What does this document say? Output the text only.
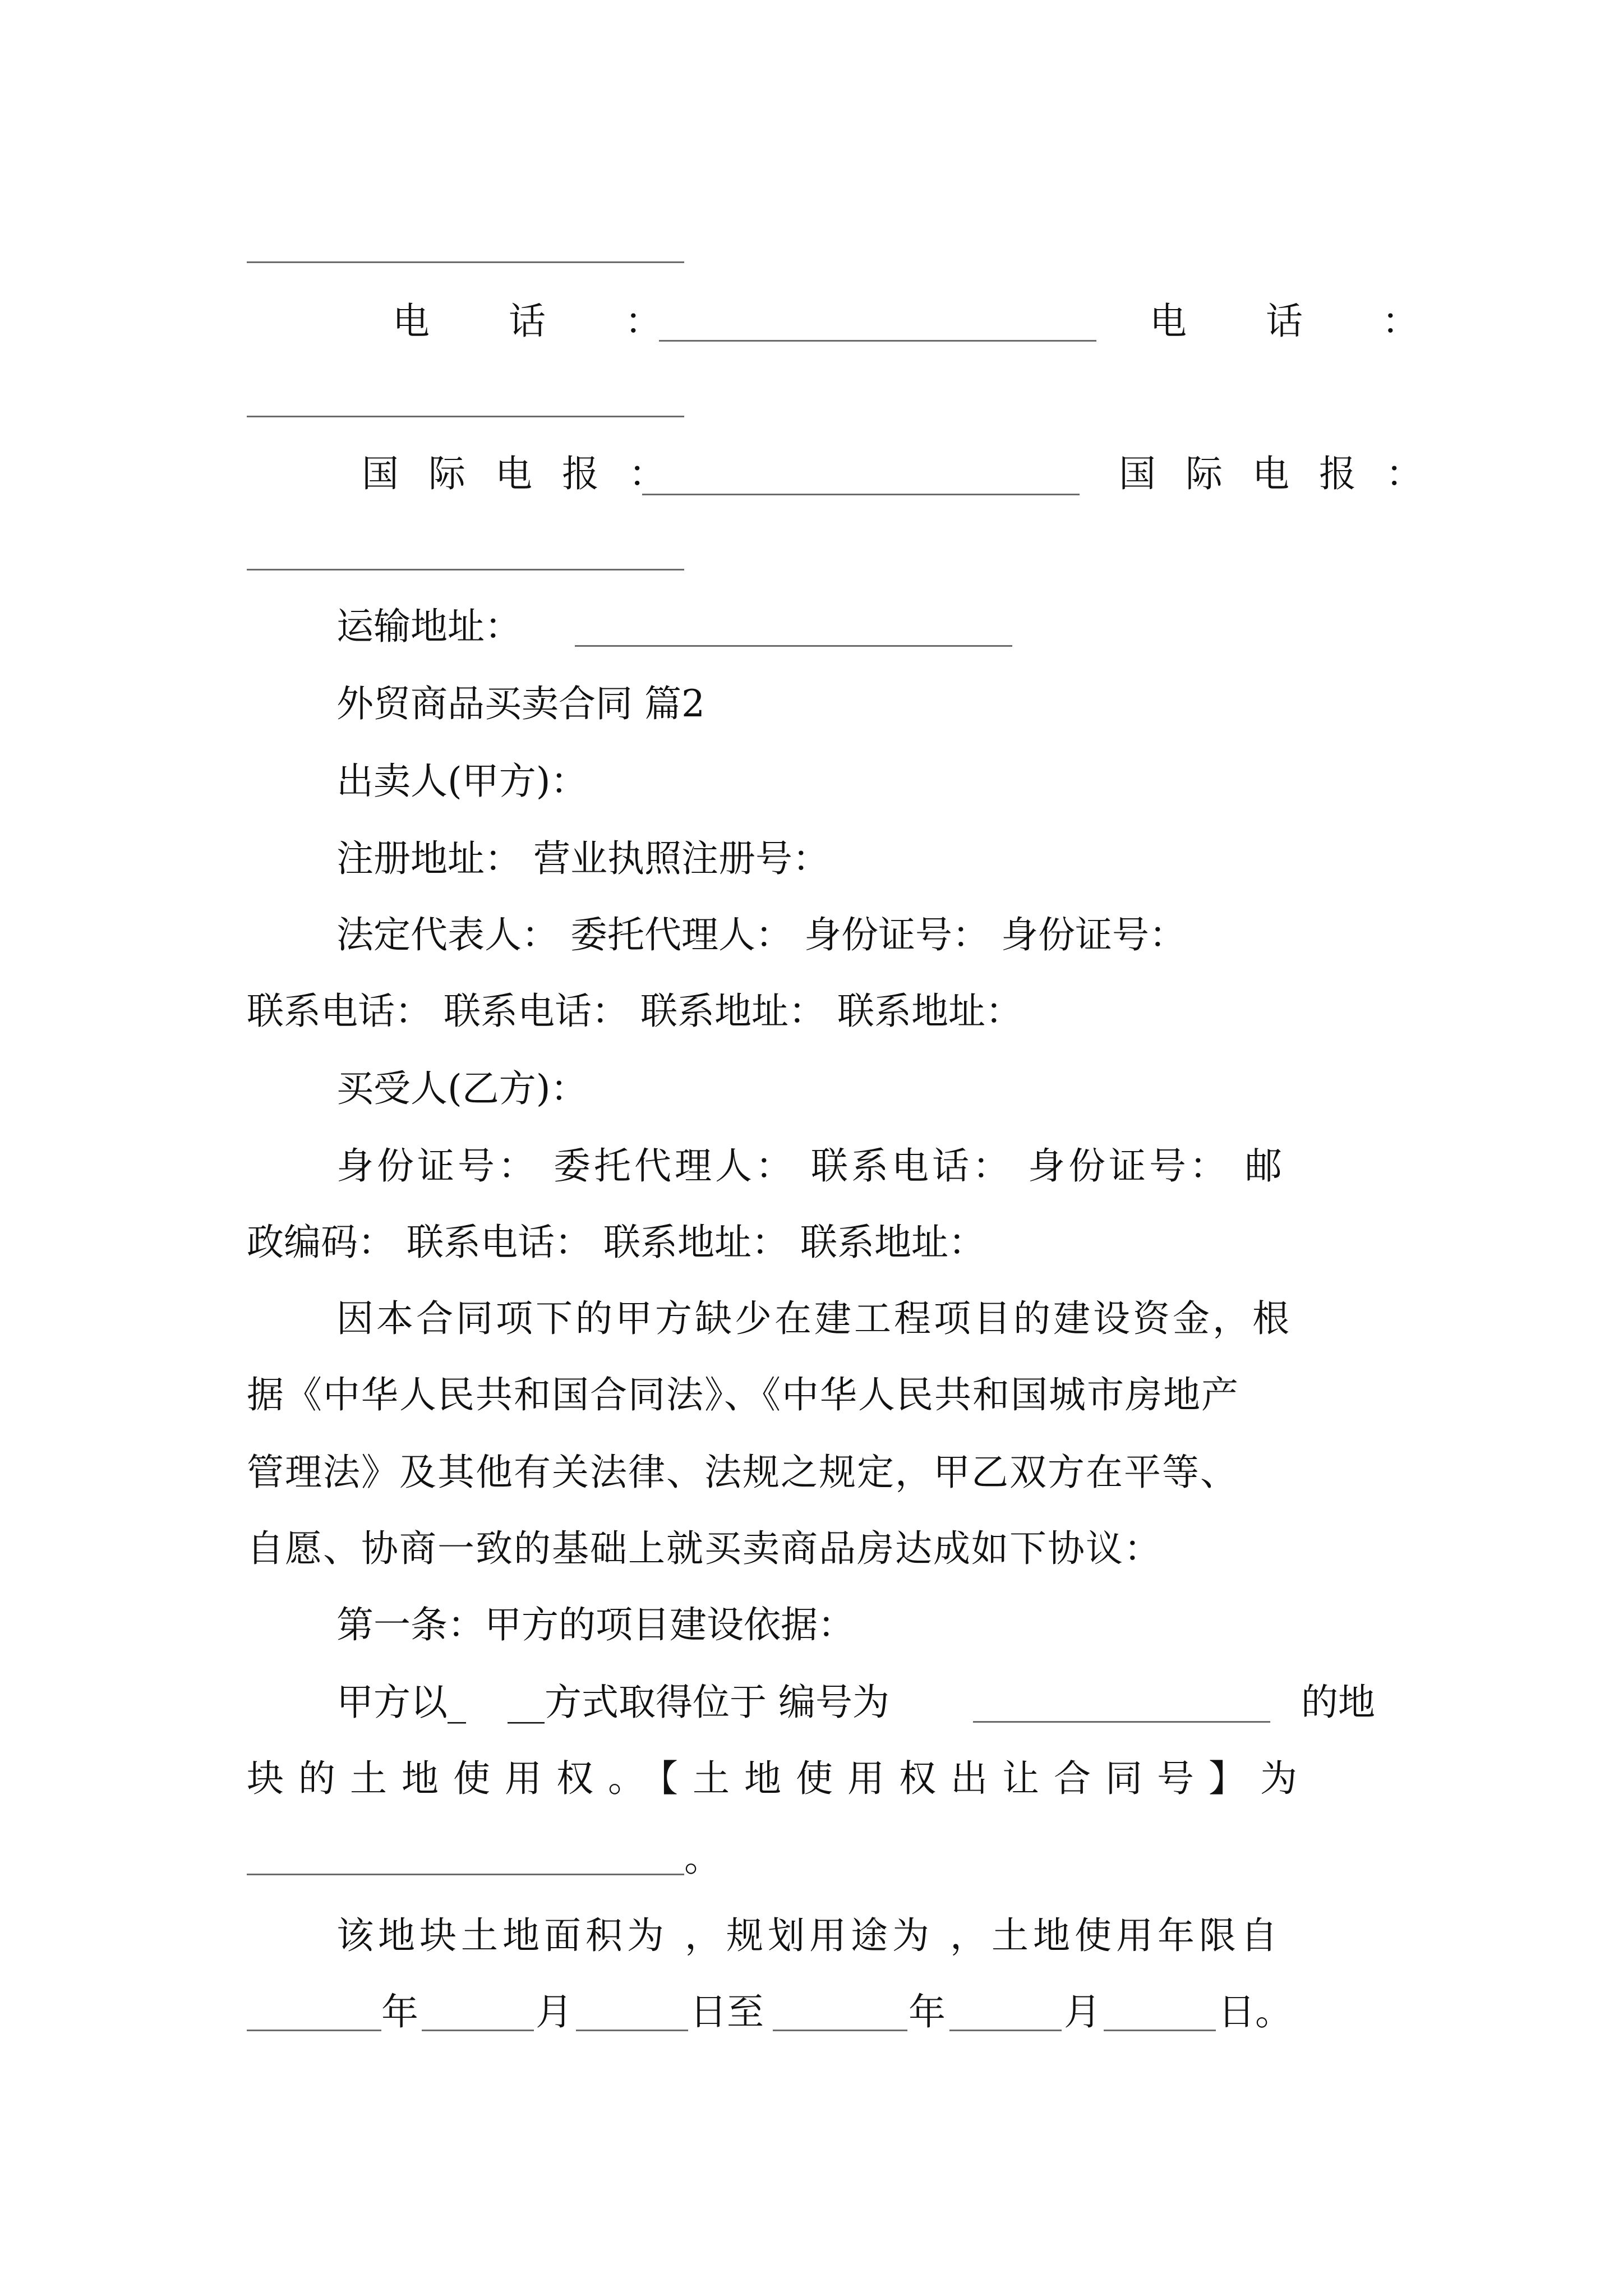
电 话 ：	电 话 ：
国 际 电 报 ：	国 际 电 报 ：
运输地址：
外贸商品买卖合同 篇2
出卖人(甲方)：
注册地址： 营业执照注册号：
法定代表人： 委托代理人： 身份证号： 身份证号：
联系电话： 联系电话： 联系地址： 联系地址：
买受人(乙方)：
身份证号： 委托代理人： 联系电话： 身份证号： 邮
政编码： 联系电话： 联系地址： 联系地址：
因本合同项下的甲方缺少在建工程项目的建设资金，根
据《中华人民共和国合同法》、《中华人民共和国城市房地产
管理法》及其他有关法律、法规之规定，甲乙双方在平等、
自愿、协商一致的基础上就买卖商品房达成如下协议：
第一条：甲方的项目建设依据：
甲方以_ __方式取得位于 编号为	的地
块的土地使用权。【土地使用权出让合同号】为
。
该地块土地面积为 ，规划用途为 ，土地使用年限自
年	月	日至	年	月	日。
